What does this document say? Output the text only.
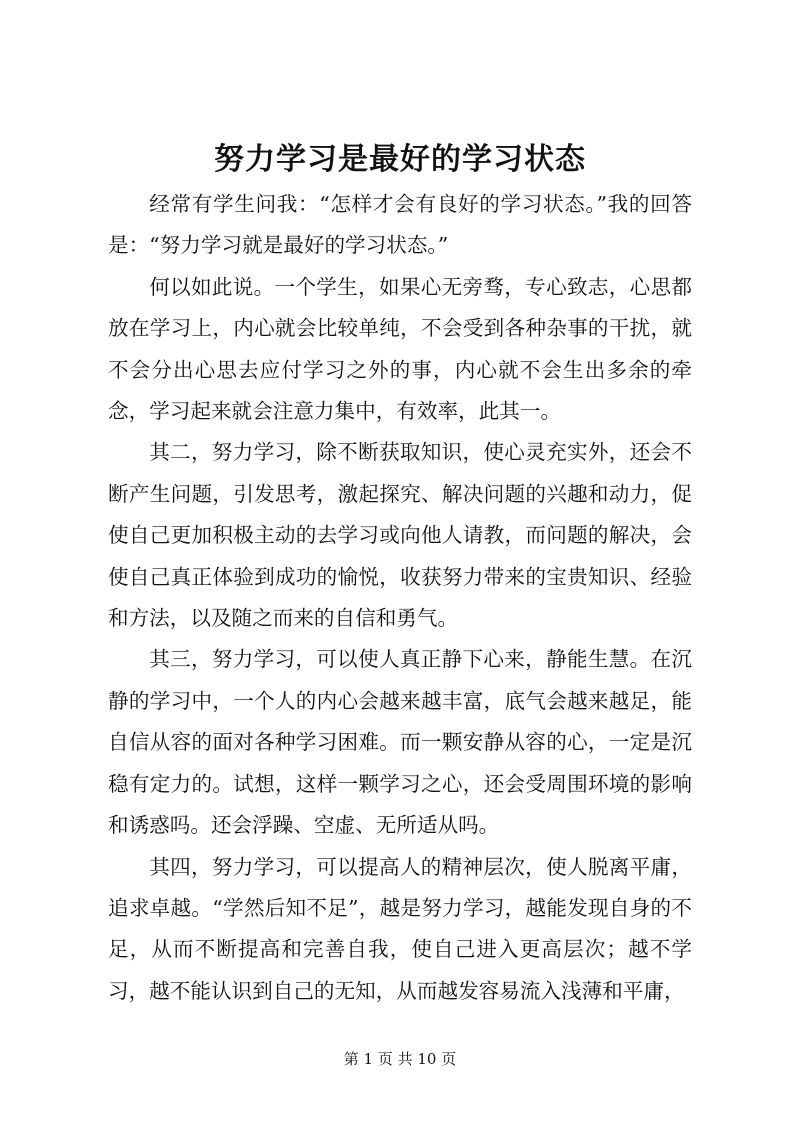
努力学习是最好的学习状态

经常有学生问我：“怎样才会有良好的学习状态。”我的回答是：“努力学习就是最好的学习状态。”

何以如此说。一个学生，如果心无旁骛，专心致志，心思都放在学习上，内心就会比较单纯，不会受到各种杂事的干扰，就不会分出心思去应付学习之外的事，内心就不会生出多余的牵念，学习起来就会注意力集中，有效率，此其一。

其二，努力学习，除不断获取知识，使心灵充实外，还会不断产生问题，引发思考，激起探究、解决问题的兴趣和动力，促使自己更加积极主动的去学习或向他人请教，而问题的解决，会使自己真正体验到成功的愉悦，收获努力带来的宝贵知识、经验和方法，以及随之而来的自信和勇气。

其三，努力学习，可以使人真正静下心来，静能生慧。在沉静的学习中，一个人的内心会越来越丰富，底气会越来越足，能自信从容的面对各种学习困难。而一颗安静从容的心，一定是沉稳有定力的。试想，这样一颗学习之心，还会受周围环境的影响和诱惑吗。还会浮躁、空虚、无所适从吗。

其四，努力学习，可以提高人的精神层次，使人脱离平庸，追求卓越。“学然后知不足”，越是努力学习，越能发现自身的不足，从而不断提高和完善自我，使自己进入更高层次；越不学习，越不能认识到自己的无知，从而越发容易流入浅薄和平庸，

第 1 页 共 10 页
